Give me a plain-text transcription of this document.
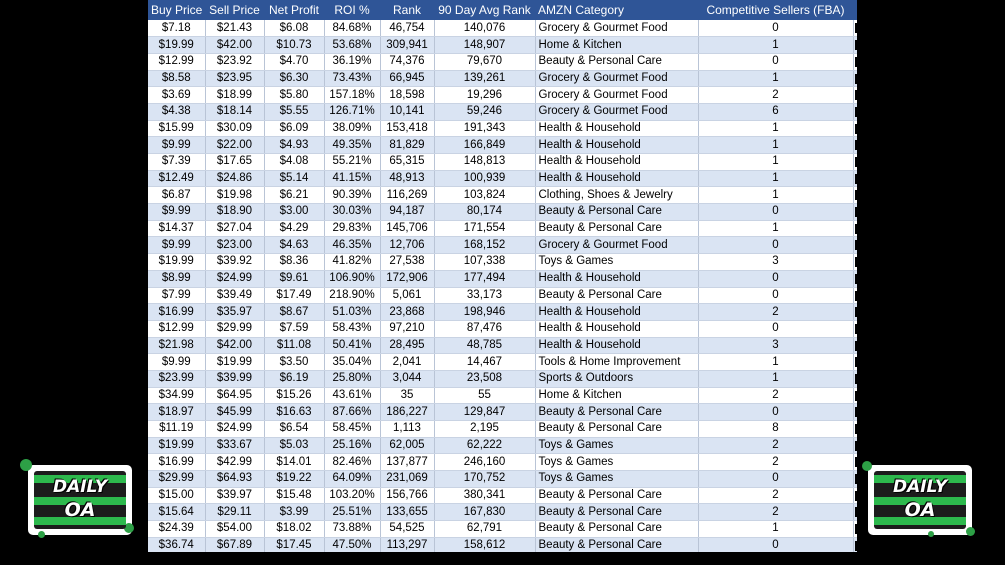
Buy Price	Sell Price	Net Profit	ROI %	Rank	90 Day Avg Rank	AMZN Category	Competitive Sellers (FBA)	
$7.18	$21.43	$6.08	84.68%	46,754	140,076	Grocery & Gourmet Food	0	
$19.99	$42.00	$10.73	53.68%	309,941	148,907	Home & Kitchen	1	
$12.99	$23.92	$4.70	36.19%	74,376	79,670	Beauty & Personal Care	0	
$8.58	$23.95	$6.30	73.43%	66,945	139,261	Grocery & Gourmet Food	1	
$3.69	$18.99	$5.80	157.18%	18,598	19,296	Grocery & Gourmet Food	2	
$4.38	$18.14	$5.55	126.71%	10,141	59,246	Grocery & Gourmet Food	6	
$15.99	$30.09	$6.09	38.09%	153,418	191,343	Health & Household	1	
$9.99	$22.00	$4.93	49.35%	81,829	166,849	Health & Household	1	
$7.39	$17.65	$4.08	55.21%	65,315	148,813	Health & Household	1	
$12.49	$24.86	$5.14	41.15%	48,913	100,939	Health & Household	1	
$6.87	$19.98	$6.21	90.39%	116,269	103,824	Clothing, Shoes & Jewelry	1	
$9.99	$18.90	$3.00	30.03%	94,187	80,174	Beauty & Personal Care	0	
$14.37	$27.04	$4.29	29.83%	145,706	171,554	Beauty & Personal Care	1	
$9.99	$23.00	$4.63	46.35%	12,706	168,152	Grocery & Gourmet Food	0	
$19.99	$39.92	$8.36	41.82%	27,538	107,338	Toys & Games	3	
$8.99	$24.99	$9.61	106.90%	172,906	177,494	Health & Household	0	
$7.99	$39.49	$17.49	218.90%	5,061	33,173	Beauty & Personal Care	0	
$16.99	$35.97	$8.67	51.03%	23,868	198,946	Health & Household	2	
$12.99	$29.99	$7.59	58.43%	97,210	87,476	Health & Household	0	
$21.98	$42.00	$11.08	50.41%	28,495	48,785	Health & Household	3	
$9.99	$19.99	$3.50	35.04%	2,041	14,467	Tools & Home Improvement	1	
$23.99	$39.99	$6.19	25.80%	3,044	23,508	Sports & Outdoors	1	
$34.99	$64.95	$15.26	43.61%	35	55	Home & Kitchen	2	
$18.97	$45.99	$16.63	87.66%	186,227	129,847	Beauty & Personal Care	0	
$11.19	$24.99	$6.54	58.45%	1,113	2,195	Beauty & Personal Care	8	
$19.99	$33.67	$5.03	25.16%	62,005	62,222	Toys & Games	2	
$16.99	$42.99	$14.01	82.46%	137,877	246,160	Toys & Games	2	
$29.99	$64.93	$19.22	64.09%	231,069	170,752	Toys & Games	0	
$15.00	$39.97	$15.48	103.20%	156,766	380,341	Beauty & Personal Care	2	
$15.64	$29.11	$3.99	25.51%	133,655	167,830	Beauty & Personal Care	2	
$24.39	$54.00	$18.02	73.88%	54,525	62,791	Beauty & Personal Care	1	
$36.74	$67.89	$17.45	47.50%	113,297	158,612	Beauty & Personal Care	0	
DAILY
OA
DAILY
OA
